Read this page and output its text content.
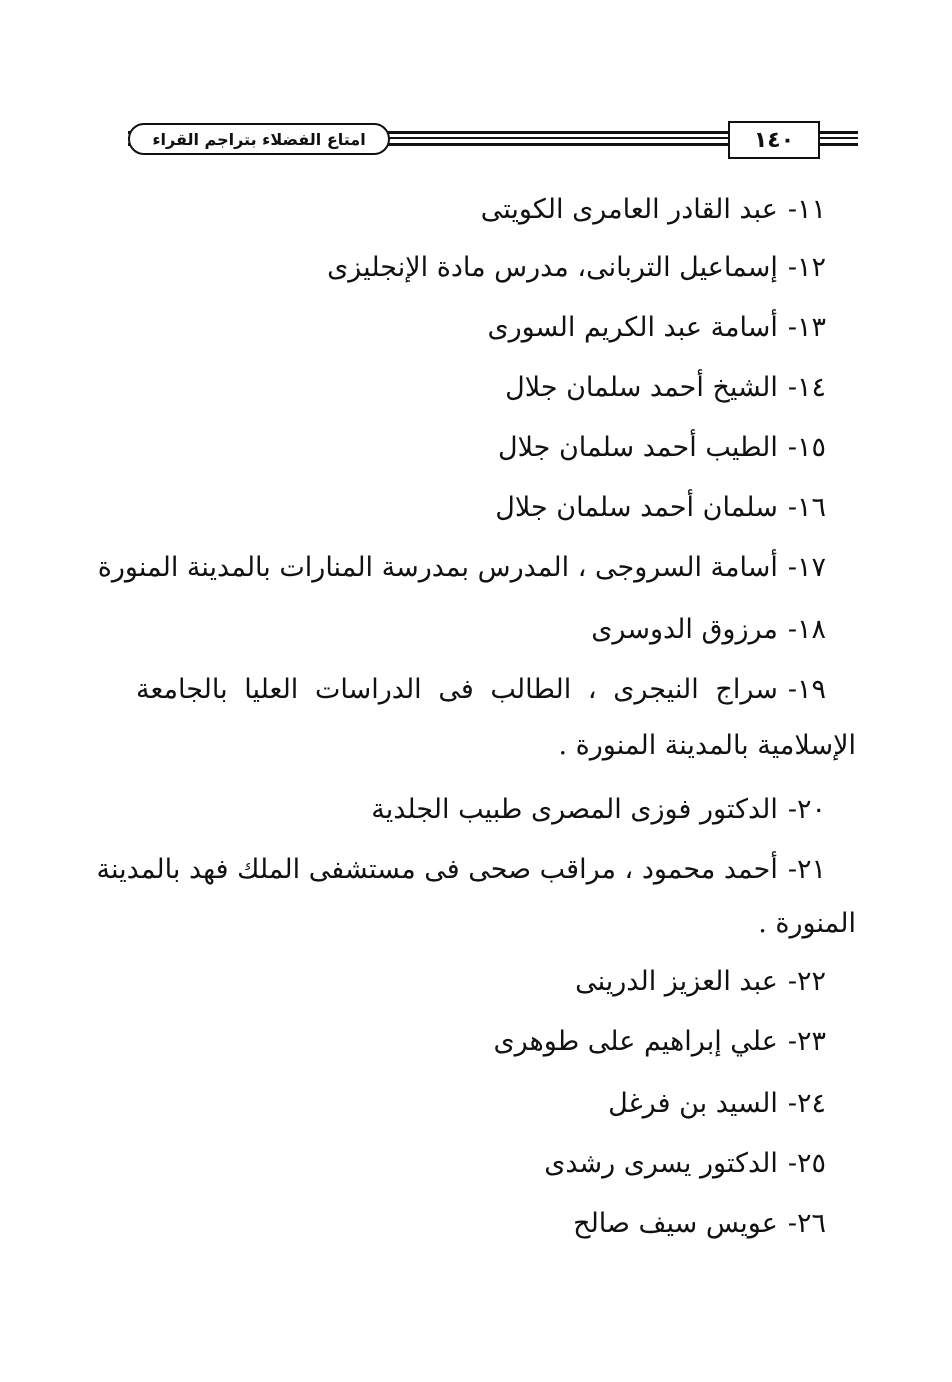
امتاع الفضلاء بتراجم القراء	١٤٠
١١-عبد القادر العامرى الكويتى
١٢-إسماعيل التربانى، مدرس مادة الإنجليزى
١٣-أسامة عبد الكريم السورى
١٤-الشيخ أحمد سلمان جلال
١٥-الطيب أحمد سلمان جلال
١٦-سلمان أحمد سلمان جلال
١٧-أسامة السروجى ، المدرس بمدرسة المنارات بالمدينة المنورة
١٨-مرزوق الدوسرى
١٩-سراج النيجرى ، الطالب فى الدراسات العليا بالجامعة
الإسلامية بالمدينة المنورة .
٢٠-الدكتور فوزى المصرى طبيب الجلدية
٢١-أحمد محمود ، مراقب صحى فى مستشفى الملك فهد بالمدينة
المنورة .
٢٢-عبد العزيز الدرينى
٢٣-علي إبراهيم على طوهرى
٢٤-السيد بن فرغل
٢٥-الدكتور يسرى رشدى
٢٦-عويس سيف صالح
